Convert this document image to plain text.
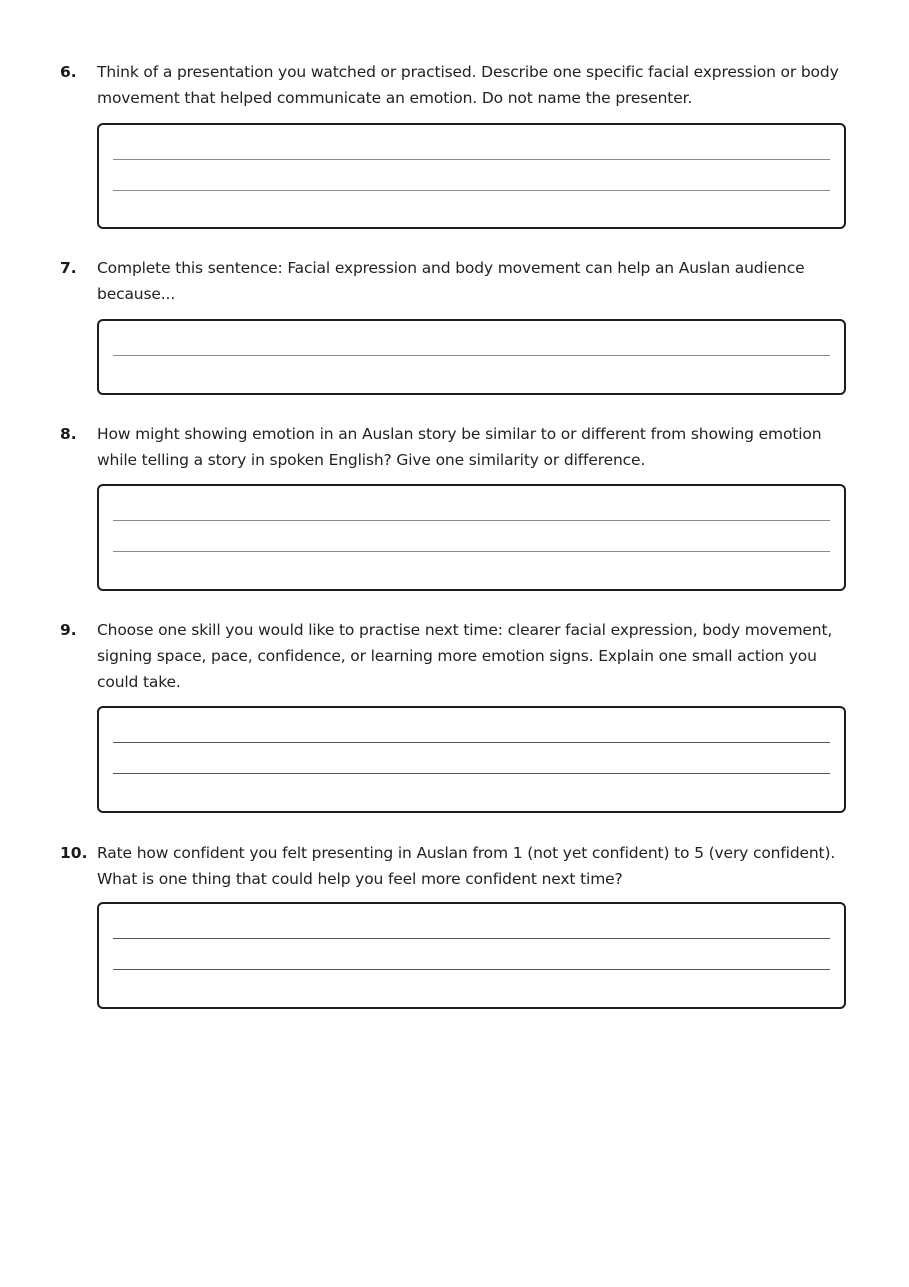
6. Think of a presentation you watched or practised. Describe one specific facial expression or body movement that helped communicate an emotion. Do not name the presenter.
7. Complete this sentence: Facial expression and body movement can help an Auslan audience because...
8. How might showing emotion in an Auslan story be similar to or different from showing emotion while telling a story in spoken English? Give one similarity or difference.
9. Choose one skill you would like to practise next time: clearer facial expression, body movement, signing space, pace, confidence, or learning more emotion signs. Explain one small action you could take.
10. Rate how confident you felt presenting in Auslan from 1 (not yet confident) to 5 (very confident). What is one thing that could help you feel more confident next time?
